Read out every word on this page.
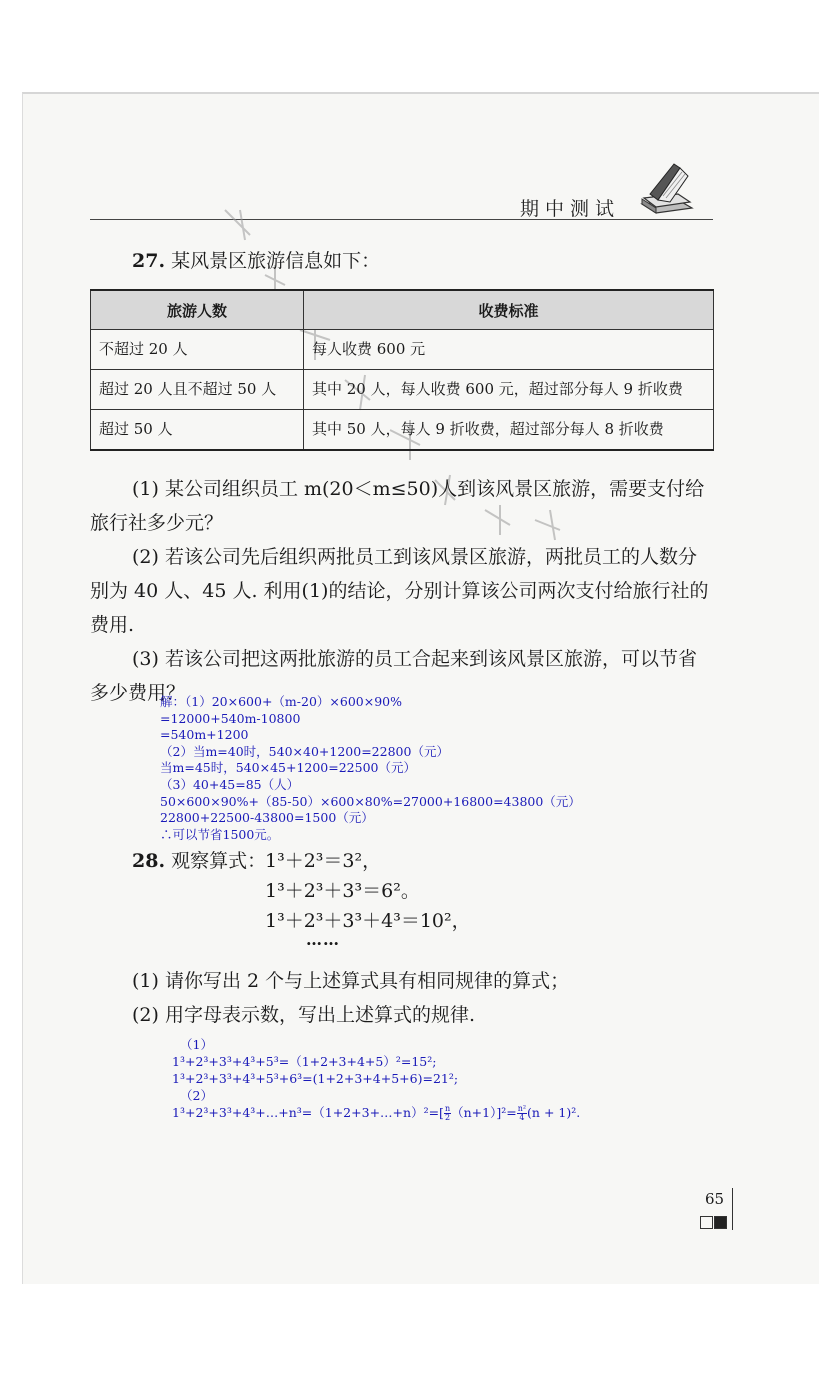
期中测试
27. 某风景区旅游信息如下：
旅游人数	收费标准
不超过 20 人	每人收费 600 元
超过 20 人且不超过 50 人	其中 20 人，每人收费 600 元，超过部分每人 9 折收费
超过 50 人	其中 50 人，每人 9 折收费，超过部分每人 8 折收费
(1) 某公司组织员工 m(20＜m≤50)人到该风景区旅游，需要支付给旅行社多少元？
(2) 若该公司先后组织两批员工到该风景区旅游，两批员工的人数分别为 40 人、45 人. 利用(1)的结论，分别计算该公司两次支付给旅行社的费用.
(3) 若该公司把这两批旅游的员工合起来到该风景区旅游，可以节省多少费用？
解：（1）20×600+（m-20）×600×90%
=12000+540m-10800
=540m+1200
（2）当m=40时，540×40+1200=22800（元）
当m=45时，540×45+1200=22500（元）
（3）40+45=85（人）
50×600×90%+（85-50）×600×80%=27000+16800=43800（元）
22800+22500-43800=1500（元）
∴可以节省1500元。
28. 观察算式：
1³＋2³＝3²，
1³＋2³＋3³＝6²。
1³＋2³＋3³＋4³＝10²，
……
(1) 请你写出 2 个与上述算式具有相同规律的算式；
(2) 用字母表示数，写出上述算式的规律.
（1）
1³+2³+3³+4³+5³=（1+2+3+4+5）²=15²;
1³+2³+3³+4³+5³+6³=(1+2+3+4+5+6)=21²;
（2）
1³+2³+3³+4³+…+n³=（1+2+3+…+n）²=[ $\frac{n}{2} (n+1)]^2= \frac{\text{n²}}{4} (n + 1)^2$.
65
